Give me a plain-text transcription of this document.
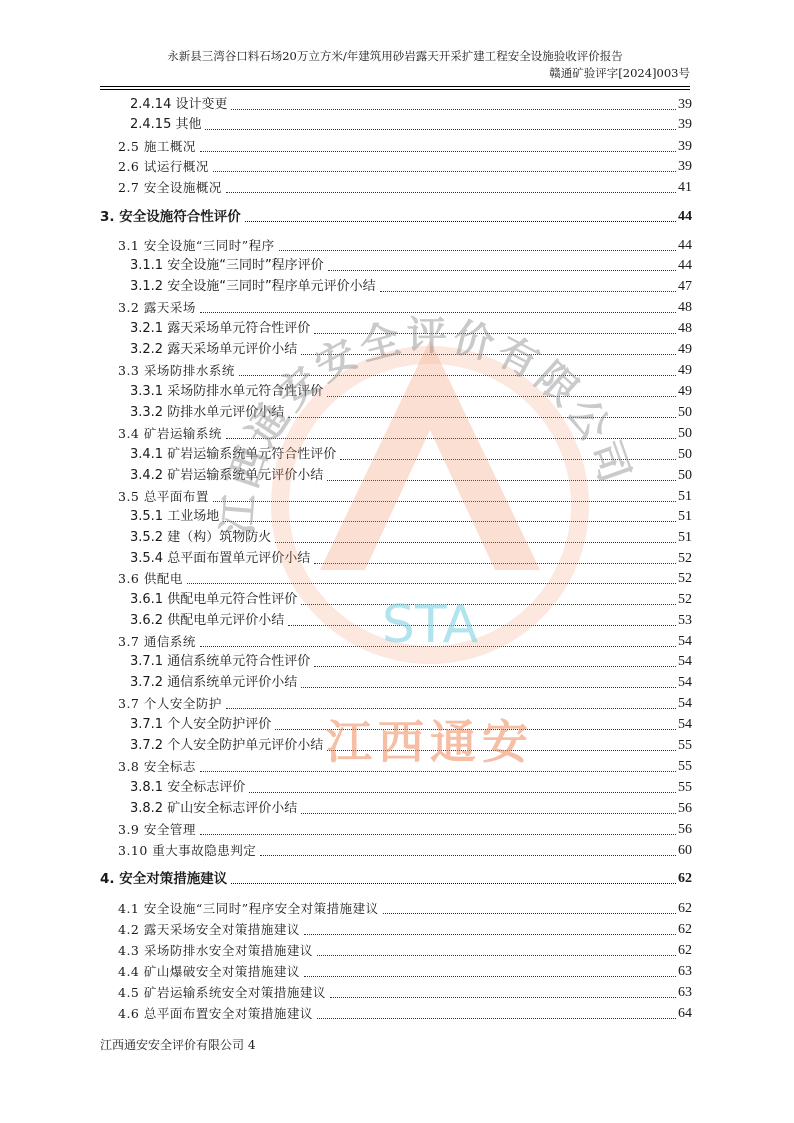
永新县三湾谷口料石场20万立方米/年建筑用砂岩露天开采扩建工程安全设施验收评价报告
赣通矿验评字[2024]003号
2.4.14 设计变更	39
2.4.15 其他	39
2.5 施工概况	39
2.6 试运行概况	39
2.7 安全设施概况	41
3. 安全设施符合性评价	44
3.1 安全设施“三同时”程序	44
3.1.1 安全设施“三同时”程序评价	44
3.1.2 安全设施“三同时”程序单元评价小结	47
3.2 露天采场	48
3.2.1 露天采场单元符合性评价	48
3.2.2 露天采场单元评价小结	49
3.3 采场防排水系统	49
3.3.1 采场防排水单元符合性评价	49
3.3.2 防排水单元评价小结	50
3.4 矿岩运输系统	50
3.4.1 矿岩运输系统单元符合性评价	50
3.4.2 矿岩运输系统单元评价小结	50
3.5 总平面布置	51
3.5.1 工业场地	51
3.5.2 建（构）筑物防火	51
3.5.4 总平面布置单元评价小结	52
3.6 供配电	52
3.6.1 供配电单元符合性评价	52
3.6.2 供配电单元评价小结	53
3.7 通信系统	54
3.7.1 通信系统单元符合性评价	54
3.7.2 通信系统单元评价小结	54
3.7 个人安全防护	54
3.7.1 个人安全防护评价	54
3.7.2 个人安全防护单元评价小结	55
3.8 安全标志	55
3.8.1 安全标志评价	55
3.8.2 矿山安全标志评价小结	56
3.9 安全管理	56
3.10 重大事故隐患判定	60
4. 安全对策措施建议	62
4.1 安全设施“三同时”程序安全对策措施建议	62
4.2 露天采场安全对策措施建议	62
4.3 采场防排水安全对策措施建议	62
4.4 矿山爆破安全对策措施建议	63
4.5 矿岩运输系统安全对策措施建议	63
4.6 总平面布置安全对策措施建议	64
江西通安安全评价有限公司 4
江西通安安全评价有限公司
STA
江西通安
